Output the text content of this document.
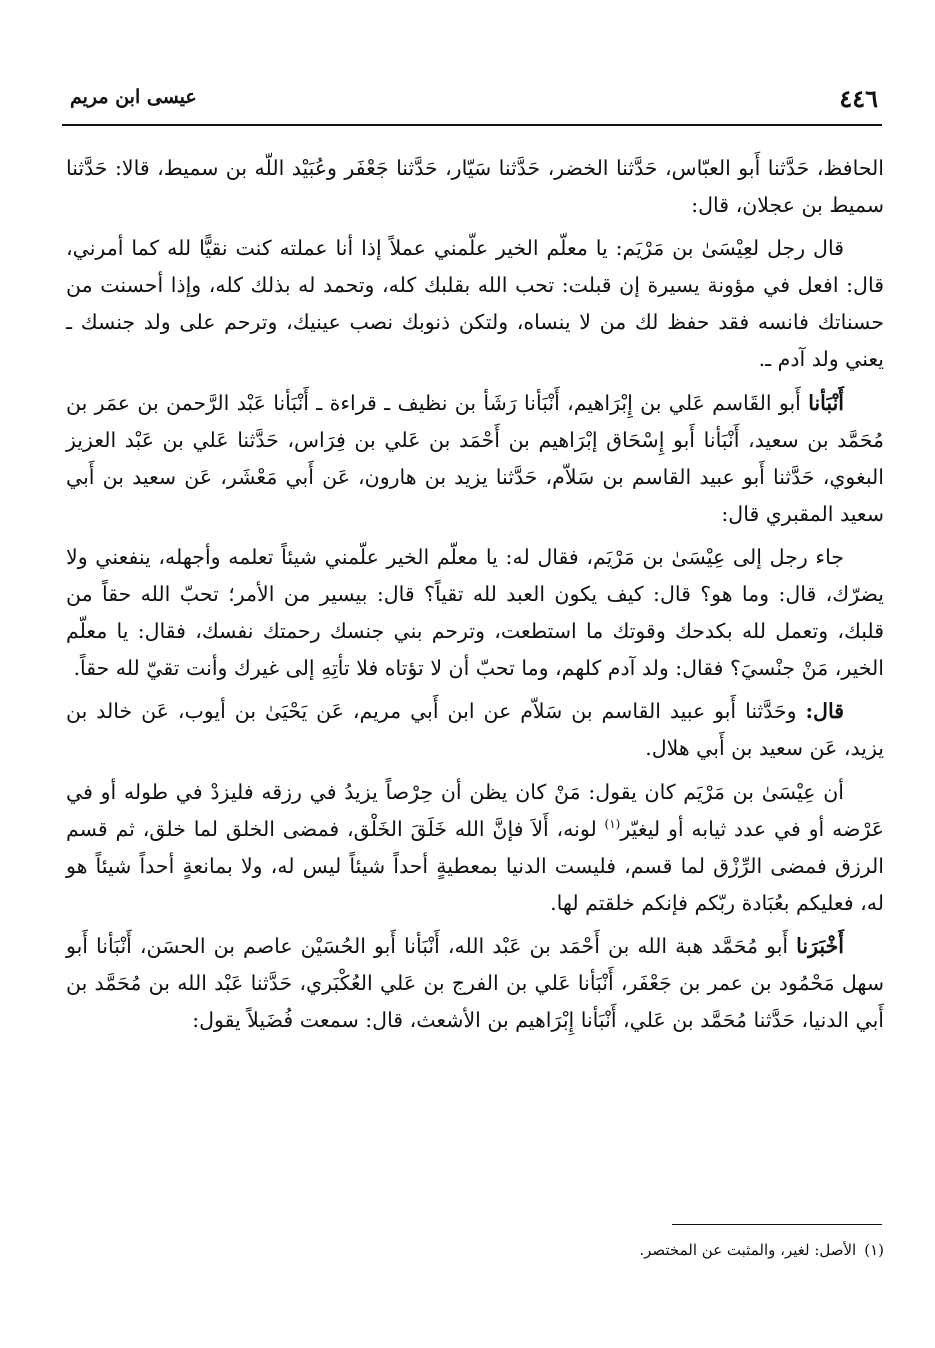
٤٤٦
عيسى ابن مريم

الحافظ، حَدَّثنا أَبو العبّاس، حَدَّثنا الخضر، حَدَّثنا سَيّار، حَدَّثنا جَعْفَر وعُبَيْد اللّه بن سميط، قالا: حَدَّثنا سميط بن عجلان، قال:

قال رجل لعِيْسَىٰ بن مَرْيَم: يا معلّم الخير علّمني عملاً إذا أنا عملته كنت نقيًّا لله كما أمرني، قال: افعل في مؤونة يسيرة إن قبلت: تحب الله بقلبك كله، وتحمد له بذلك كله، وإذا أحسنت من حسناتك فانسه فقد حفظ لك من لا ينساه، ولتكن ذنوبك نصب عينيك، وترحم على ولد جنسك ـ يعني ولد آدم ـ.

أَنْبَأنا أَبو القَاسم عَلي بن إِبْرَاهيم، أَنْبَأنا رَشَأ بن نظيف ـ قراءة ـ أَنْبَأنا عَبْد الرَّحمن بن عمَر بن مُحَمَّد بن سعيد، أَنْبَأنا أَبو إِسْحَاق إبْرَاهيم بن أَحْمَد بن عَلي بن فِرَاس، حَدَّثنا عَلي بن عَبْد العزيز البغوي، حَدَّثنا أَبو عبيد القاسم بن سَلاّم، حَدَّثنا يزيد بن هارون، عَن أَبي مَعْشَر، عَن سعيد بن أَبي سعيد المقبري قال:

جاء رجل إلى عِيْسَىٰ بن مَرْيَم، فقال له: يا معلّم الخير علّمني شيئاً تعلمه وأجهله، ينفعني ولا يضرّك، قال: وما هو؟ قال: كيف يكون العبد لله تقياً؟ قال: بيسير من الأمر؛ تحبّ الله حقاً من قلبك، وتعمل لله بكدحك وقوتك ما استطعت، وترحم بني جنسك رحمتك نفسك، فقال: يا معلّم الخير، مَنْ جنْسيَ؟ فقال: ولد آدم كلهم، وما تحبّ أن لا تؤتاه فلا تأتِهِ إلى غيرك وأنت تقيّ لله حقاً.

قال: وحَدَّثنا أَبو عبيد القاسم بن سَلاّم عن ابن أَبي مريم، عَن يَحْيَىٰ بن أيوب، عَن خالد بن يزيد، عَن سعيد بن أَبي هلال.

أن عِيْسَىٰ بن مَرْيَم كان يقول: مَنْ كان يظن أن حِرْصاً يزيدُ في رزقه فليزدْ في طوله أو في عَرْضه أو في عدد ثيابه أو ليغيّر$^{(١)}$ لونه، أَلاَ فإنَّ الله خَلَقَ الخَلْق، فمضى الخلق لما خلق، ثم قسم الرزق فمضى الرِّزْق لما قسم، فليست الدنيا بمعطيةٍ أحداً شيئاً ليس له، ولا بمانعةٍ أحداً شيئاً هو له، فعليكم بعُبَادة ربّكم فإنكم خلقتم لها.

أَخْبَرَنا أَبو مُحَمَّد هبة الله بن أَحْمَد بن عَبْد الله، أَنْبَأنا أَبو الحُسَيْن عاصم بن الحسَن، أَنْبَأنا أَبو سهل مَحْمُود بن عمر بن جَعْفَر، أَنْبَأنا عَلي بن الفرج بن عَلي العُكْبَري، حَدَّثنا عَبْد الله بن مُحَمَّد بن أَبي الدنيا، حَدَّثنا مُحَمَّد بن عَلي، أَنْبَأنا إِبْرَاهيم بن الأشعث، قال: سمعت فُضَيلاً يقول:

(١)الأصل: لغير، والمثبت عن المختصر.
